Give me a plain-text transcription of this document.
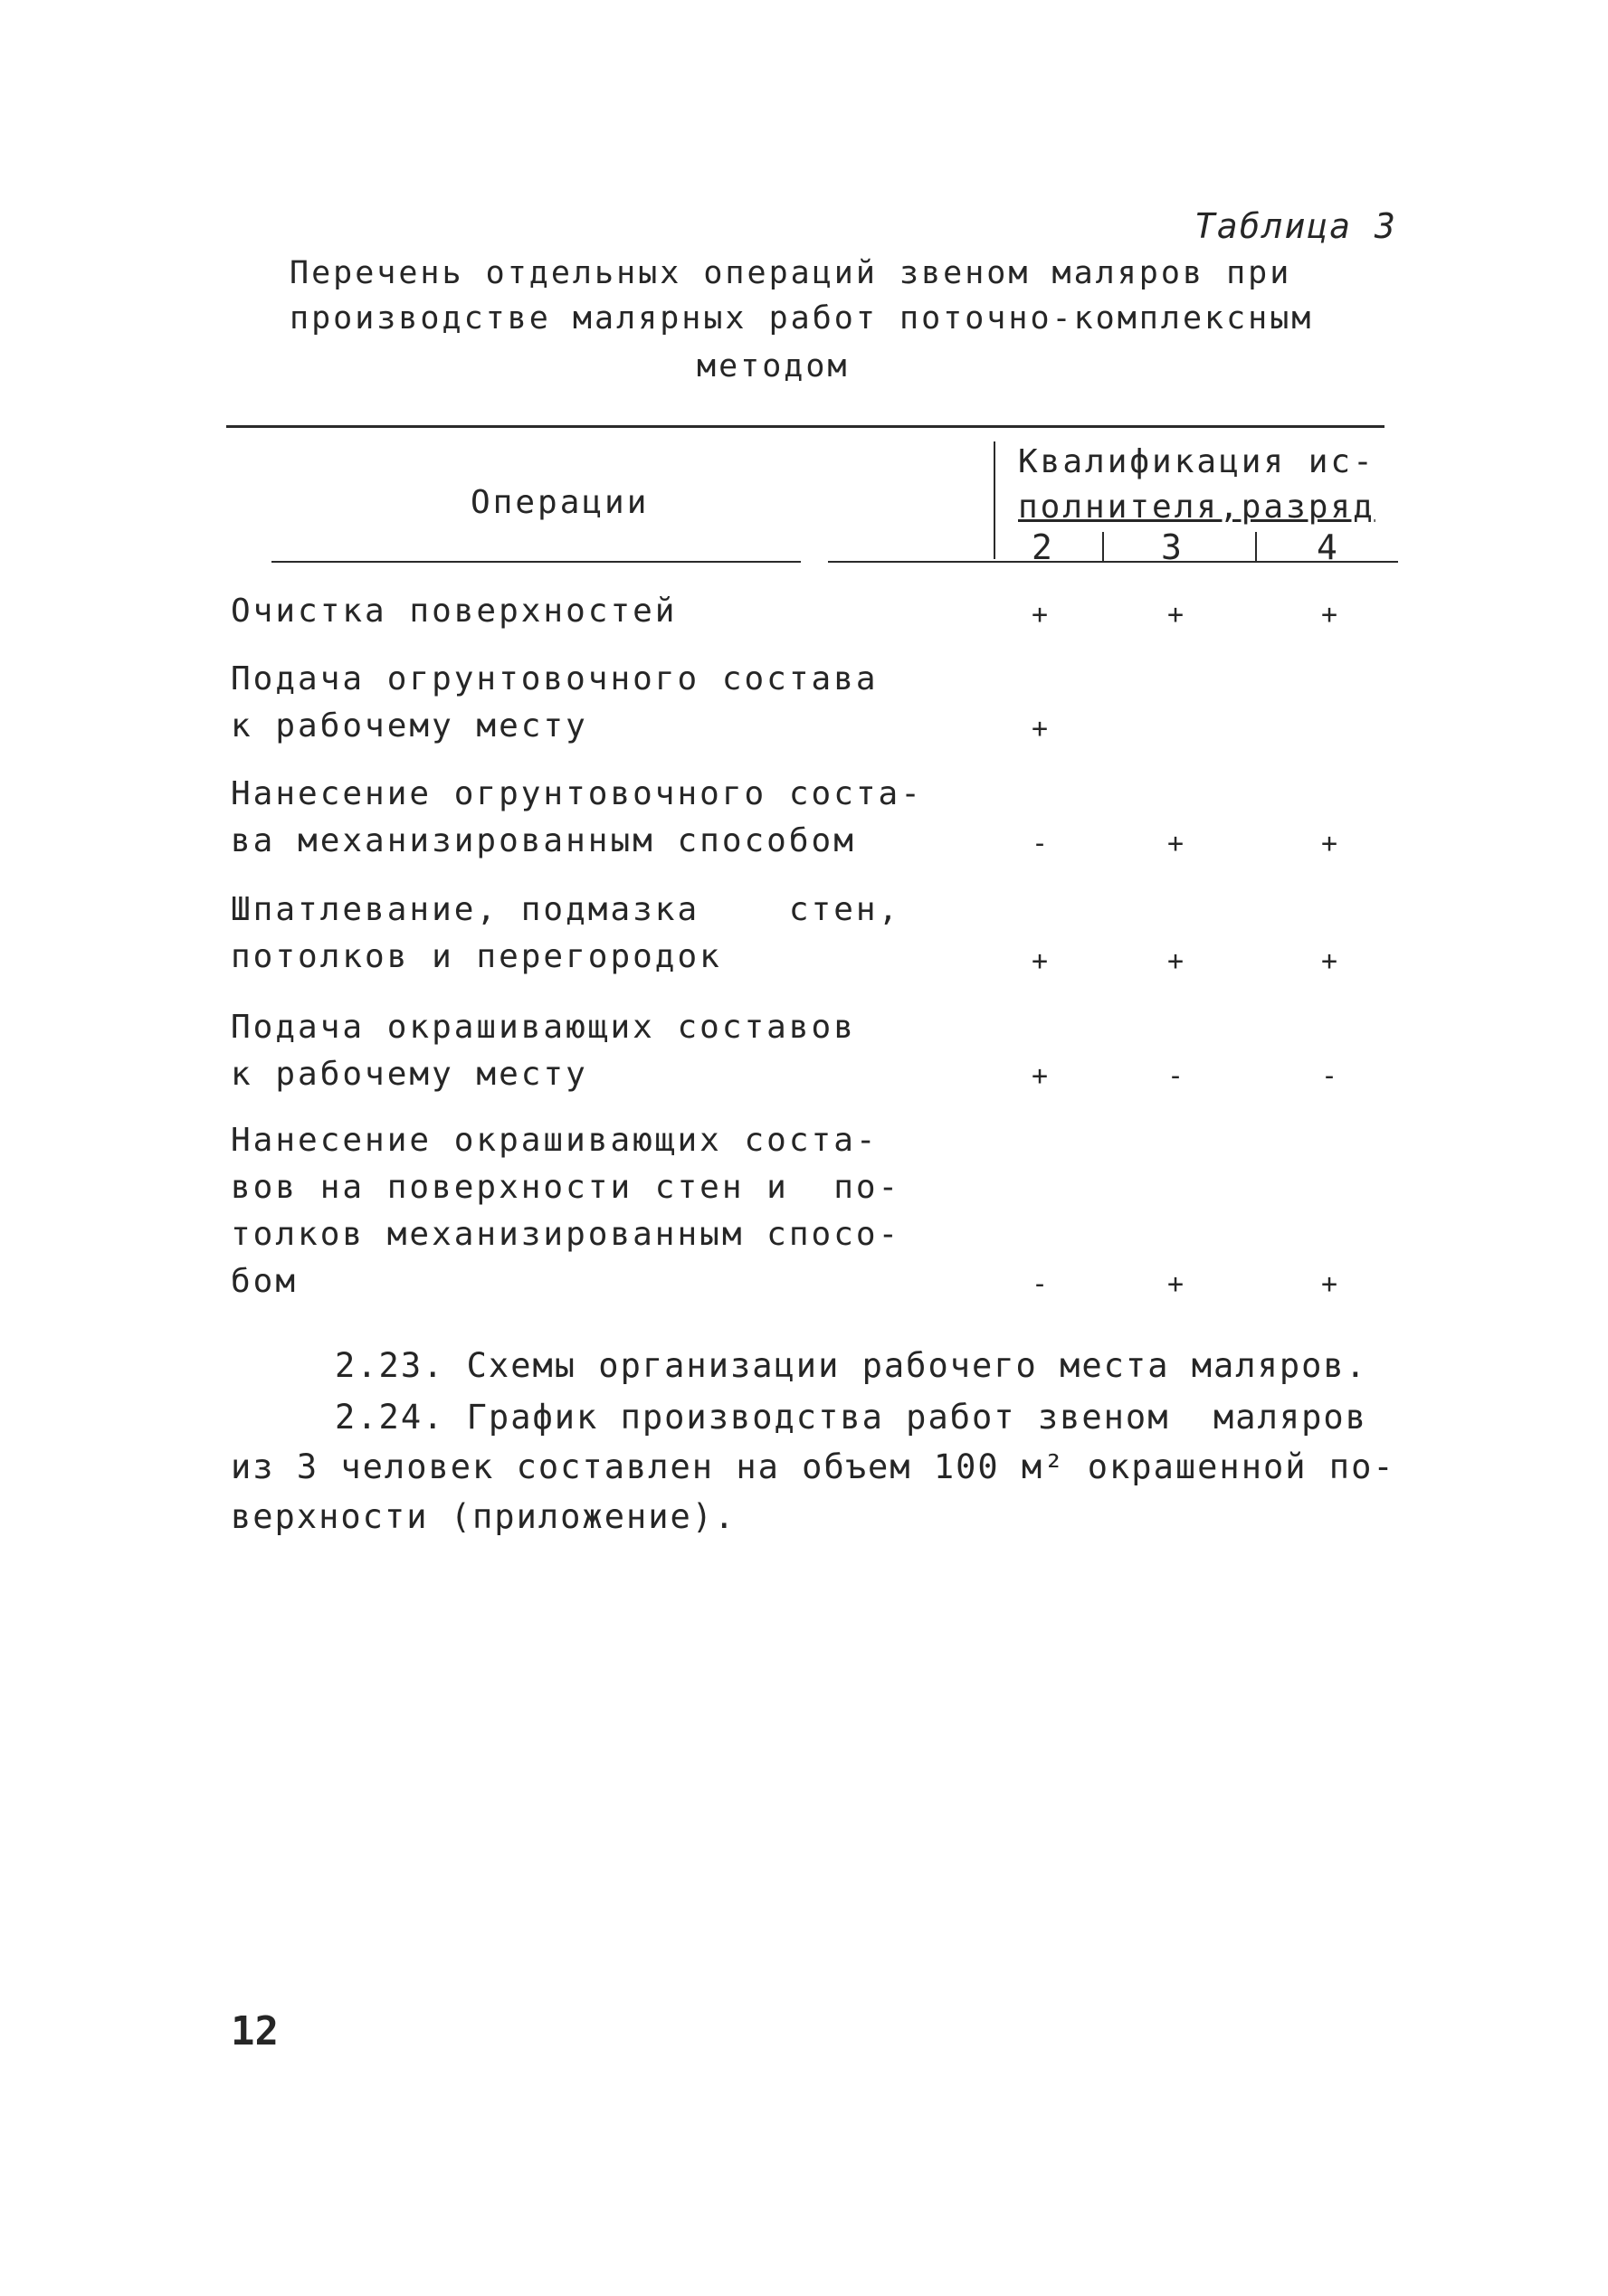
Таблица 3
Перечень отдельных операций звеном маляров при
производстве малярных работ поточно-комплексным
методом
Операции
Квалификация ис-
полнителя,разряд
2	3	4
Очистка поверхностей	+	+	+
Подача огрунтовочного состава
к рабочему месту	+
Нанесение огрунтовочного соста-
ва механизированным способом	-	+	+
Шпатлевание, подмазка    стен,
потолков и перегородок	+	+	+
Подача окрашивающих составов
к рабочему месту	+	-	-
Нанесение окрашивающих соста-
вов на поверхности стен и  по-
толков механизированным спосо-
бом	-	+	+
2.23. Схемы организации рабочего места маляров.
2.24. График производства работ звеном  маляров
из 3 человек составлен на объем 100 м² окрашенной по-
верхности (приложение).
12
